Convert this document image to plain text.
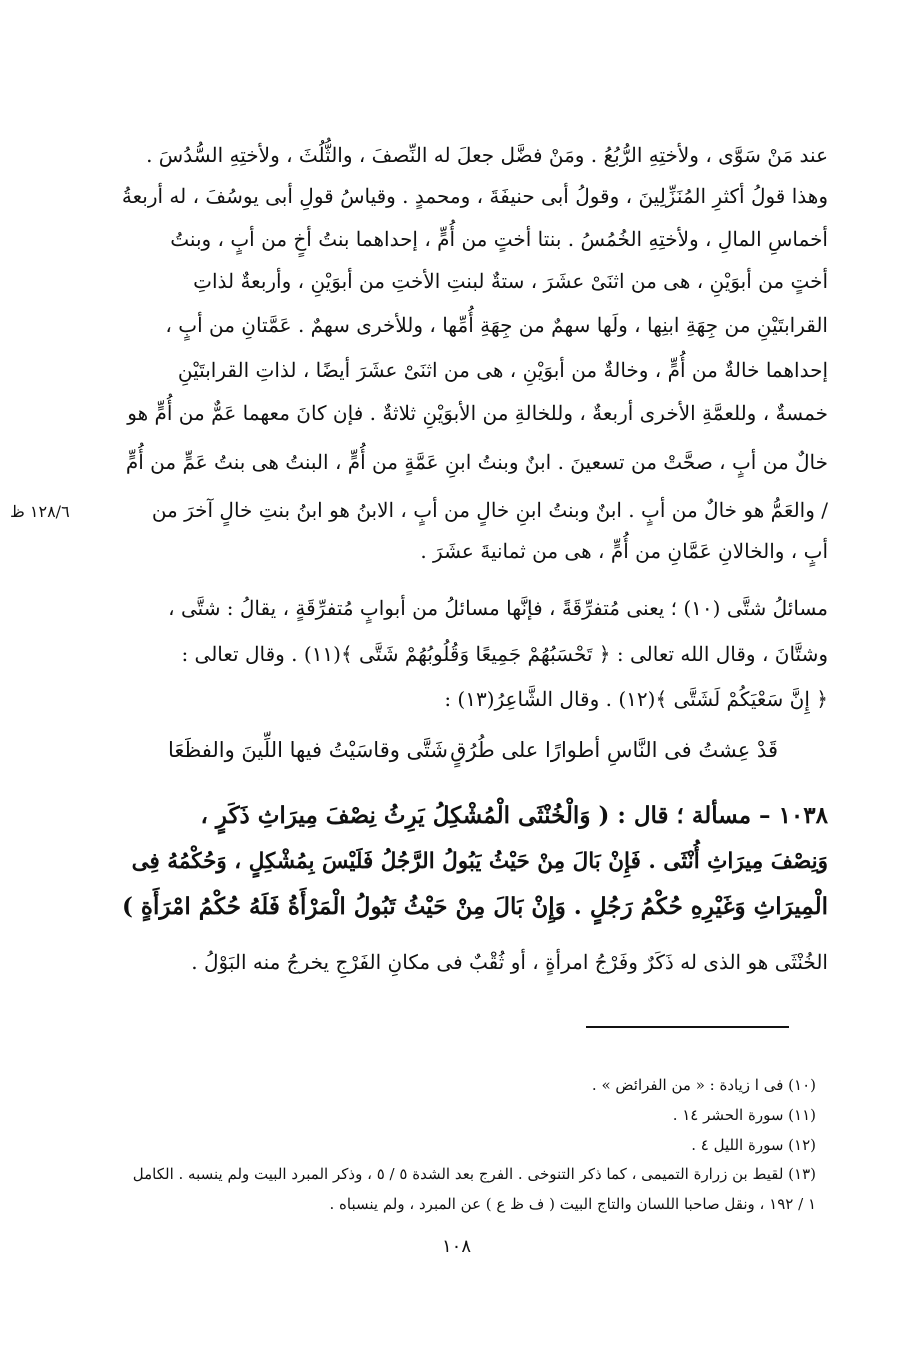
عند مَنْ سَوَّى ، ولأختِهِ الرُّبُعُ . ومَنْ فضَّل جعلَ له النِّصفَ ، والثُّلُثَ ، ولأختِهِ السُّدُسَ .
وهذا قولُ أكثرِ المُنَزِّلِينَ ، وقولُ أبى حنيفَةَ ، ومحمدٍ . وقياسُ قولِ أبى يوسُفَ ، له أربعةُ
أخماسِ المالِ ، ولأختِهِ الخُمُسُ . بنتا أختٍ من أُمٍّ ، إحداهما بنتُ أخٍ من أبٍ ، وبنتُ
أختٍ من أبوَيْنِ ، هى من اثنَىْ عشَرَ ، ستةٌ لبنتِ الأختِ من أبوَيْنِ ، وأربعةٌ لذاتِ
القرابتَيْنِ من جِهَةِ ابنِها ، ولَها سهمٌ من جِهَةِ أُمِّها ، وللأخرى سهمٌ . عَمَّتانِ من أبٍ ،
إحداهما خالةٌ من أُمٍّ ، وخالةٌ من أبوَيْنِ ، هى من اثنَىْ عشَرَ أيضًا ، لذاتِ القرابتَيْنِ
خمسةٌ ، وللعمَّةِ الأخرى أربعةٌ ، وللخالةِ من الأبوَيْنِ ثلاثةٌ . فإن كانَ معهما عَمٌّ من أُمٍّ هو
خالٌ من أبٍ ، صحَّتْ من تسعينَ . ابنٌ وبنتُ ابنِ عَمَّةٍ من أُمٍّ ، البنتُ هى بنتُ عَمٍّ من أُمٍّ
/ والعَمُّ هو خالٌ من أبٍ . ابنٌ وبنتُ ابنِ خالٍ من أبٍ ، الابنُ هو ابنُ بنتِ خالٍ آخرَ من
أبٍ ، والخالانِ عَمَّانِ من أُمٍّ ، هى من ثمانيةَ عشَرَ .
١٢٨/٦ ظ
مسائلُ شتَّى (١٠) ؛ يعنى مُتفرِّقَةً ، فإنَّها مسائلُ من أبوابٍ مُتفرِّقَةٍ ، يقالُ : شتَّى ،
وشتَّانَ ، وقال الله تعالى : ﴿ تَحْسَبُهُمْ جَمِيعًا وَقُلُوبُهُمْ شَتَّى ﴾(١١) . وقال تعالى :
﴿ إِنَّ سَعْيَكُمْ لَشَتَّى ﴾(١٢) . وقال الشَّاعِرُ(١٣) :
قَدْ عِشتُ فى النَّاسِ أطوارًا على طُرُقٍ
شَتَّى وقاسَيْتُ فيها اللِّينَ والفظَعَا
١٠٣٨ – مسألة ؛ قال : ( وَالْخُنْثَى الْمُشْكِلُ يَرِثُ نِصْفَ مِيرَاثِ ذَكَرٍ ،
وَنِصْفَ مِيرَاثِ أُنْثَى . فَإِنْ بَالَ مِنْ حَيْثُ يَبُولُ الرَّجُلُ فَلَيْسَ بِمُشْكِلٍ ، وَحُكْمُهُ فِى
الْمِيرَاثِ وَغَيْرِهِ حُكْمُ رَجُلٍ . وَإِنْ بَالَ مِنْ حَيْثُ تَبُولُ الْمَرْأَةُ فَلَهُ حُكْمُ امْرَأَةٍ )
الخُنْثَى هو الذى له ذَكَرٌ وفَرْجُ امرأةٍ ، أو ثُقْبٌ فى مكانِ الفَرْجِ يخرجُ منه البَوْلُ .
(١٠) فى ا زيادة : « من الفرائض » .
(١١) سورة الحشر ١٤ .
(١٢) سورة الليل ٤ .
(١٣) لقيط بن زرارة التميمى ، كما ذكر التنوخى . الفرج بعد الشدة ٥ / ٥ ، وذكر المبرد البيت ولم ينسبه . الكامل
١ / ١٩٢ ، ونقل صاحبا اللسان والتاج البيت ( ف ظ ع ) عن المبرد ، ولم ينسباه .
١٠٨
